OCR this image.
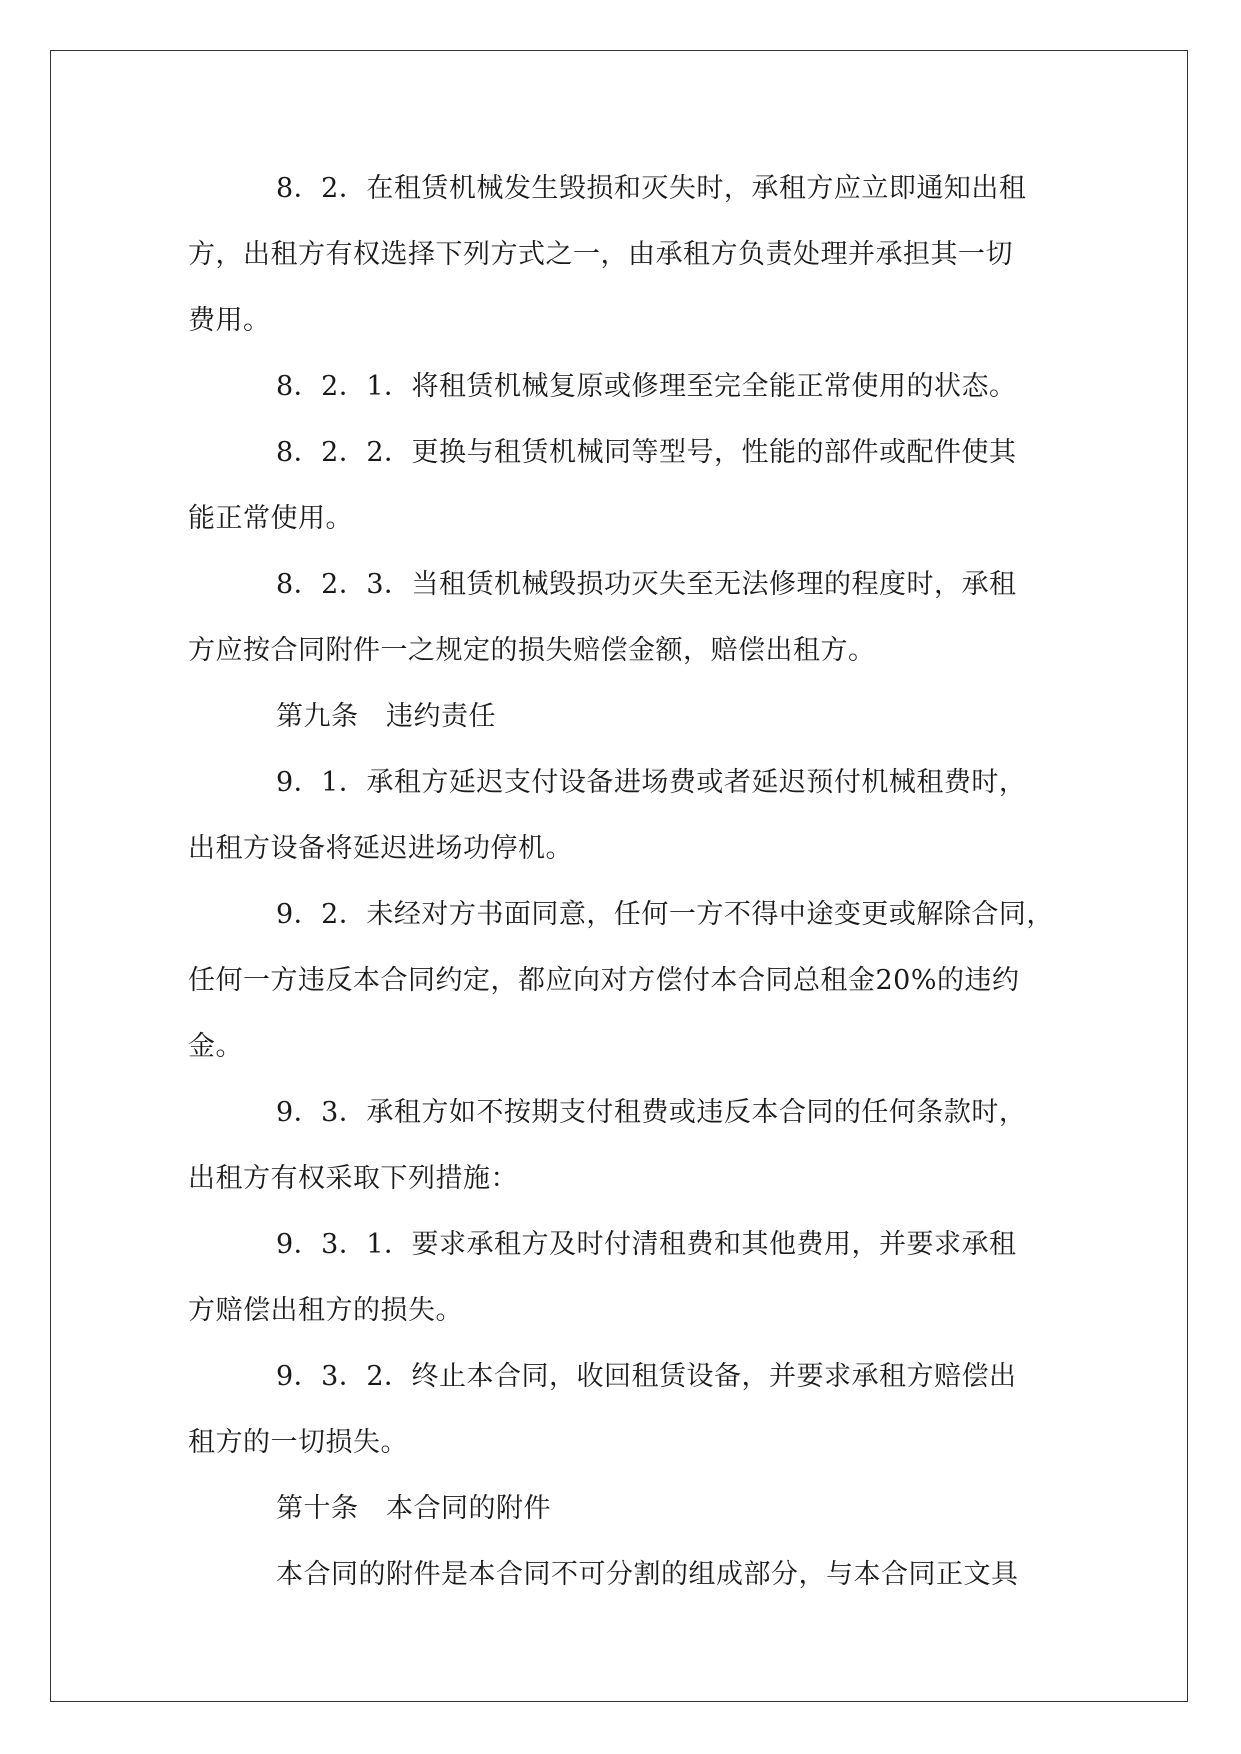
8．2．在租赁机械发生毁损和灭失时，承租方应立即通知出租
方，出租方有权选择下列方式之一，由承租方负责处理并承担其一切
费用。

8．2．1．将租赁机械复原或修理至完全能正常使用的状态。

8．2．2．更换与租赁机械同等型号，性能的部件或配件使其
能正常使用。

8．2．3．当租赁机械毁损功灭失至无法修理的程度时，承租
方应按合同附件一之规定的损失赔偿金额，赔偿出租方。

第九条　违约责任

9．1．承租方延迟支付设备进场费或者延迟预付机械租费时，
出租方设备将延迟进场功停机。

9．2．未经对方书面同意，任何一方不得中途变更或解除合同，
任何一方违反本合同约定，都应向对方偿付本合同总租金20%的违约
金。

9．3．承租方如不按期支付租费或违反本合同的任何条款时，
出租方有权采取下列措施：

9．3．1．要求承租方及时付清租费和其他费用，并要求承租
方赔偿出租方的损失。

9．3．2．终止本合同，收回租赁设备，并要求承租方赔偿出
租方的一切损失。

第十条　本合同的附件

本合同的附件是本合同不可分割的组成部分，与本合同正文具
